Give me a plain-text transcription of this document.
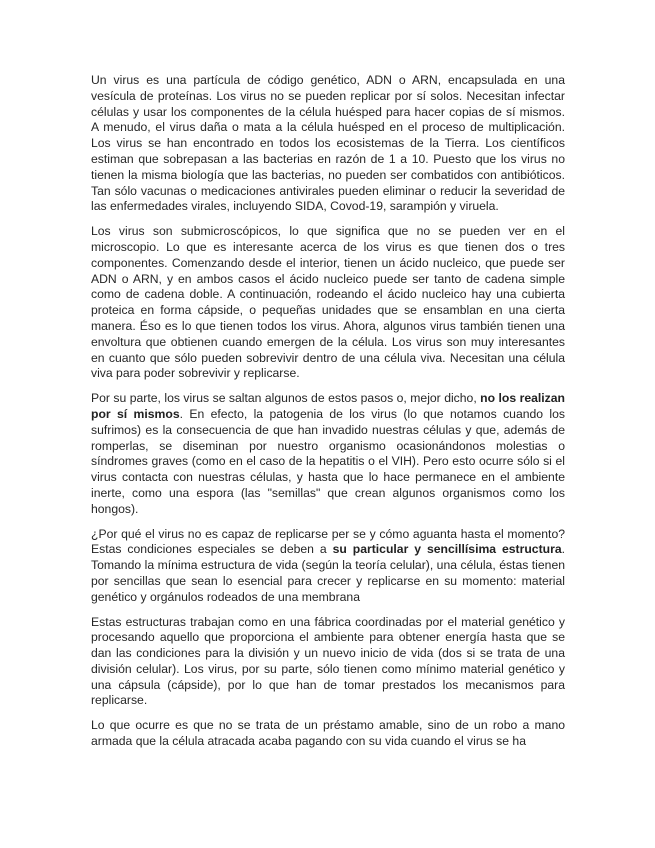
Un virus es una partícula de código genético, ADN o ARN, encapsulada en una vesícula de proteínas. Los virus no se pueden replicar por sí solos. Necesitan infectar células y usar los componentes de la célula huésped para hacer copias de sí mismos. A menudo, el virus daña o mata a la célula huésped en el proceso de multiplicación. Los virus se han encontrado en todos los ecosistemas de la Tierra. Los científicos estiman que sobrepasan a las bacterias en razón de 1 a 10. Puesto que los virus no tienen la misma biología que las bacterias, no pueden ser combatidos con antibióticos. Tan sólo vacunas o medicaciones antivirales pueden eliminar o reducir la severidad de las enfermedades virales, incluyendo SIDA, Covod-19, sarampión y viruela.

Los virus son submicroscópicos, lo que significa que no se pueden ver en el microscopio. Lo que es interesante acerca de los virus es que tienen dos o tres componentes. Comenzando desde el interior, tienen un ácido nucleico, que puede ser ADN o ARN, y en ambos casos el ácido nucleico puede ser tanto de cadena simple como de cadena doble. A continuación, rodeando el ácido nucleico hay una cubierta proteica en forma cápside, o pequeñas unidades que se ensamblan en una cierta manera. Éso es lo que tienen todos los virus. Ahora, algunos virus también tienen una envoltura que obtienen cuando emergen de la célula. Los virus son muy interesantes en cuanto que sólo pueden sobrevivir dentro de una célula viva. Necesitan una célula viva para poder sobrevivir y replicarse.

Por su parte, los virus se saltan algunos de estos pasos o, mejor dicho, no los realizan por sí mismos. En efecto, la patogenia de los virus (lo que notamos cuando los sufrimos) es la consecuencia de que han invadido nuestras células y que, además de romperlas, se diseminan por nuestro organismo ocasionándonos molestias o síndromes graves (como en el caso de la hepatitis o el VIH). Pero esto ocurre sólo si el virus contacta con nuestras células, y hasta que lo hace permanece en el ambiente inerte, como una espora (las "semillas" que crean algunos organismos como los hongos).

¿Por qué el virus no es capaz de replicarse per se y cómo aguanta hasta el momento? Estas condiciones especiales se deben a su particular y sencillísima estructura. Tomando la mínima estructura de vida (según la teoría celular), una célula, éstas tienen por sencillas que sean lo esencial para crecer y replicarse en su momento: material genético y orgánulos rodeados de una membrana

Estas estructuras trabajan como en una fábrica coordinadas por el material genético y procesando aquello que proporciona el ambiente para obtener energía hasta que se dan las condiciones para la división y un nuevo inicio de vida (dos si se trata de una división celular). Los virus, por su parte, sólo tienen como mínimo material genético y una cápsula (cápside), por lo que han de tomar prestados los mecanismos para replicarse.

Lo que ocurre es que no se trata de un préstamo amable, sino de un robo a mano armada que la célula atracada acaba pagando con su vida cuando el virus se ha
